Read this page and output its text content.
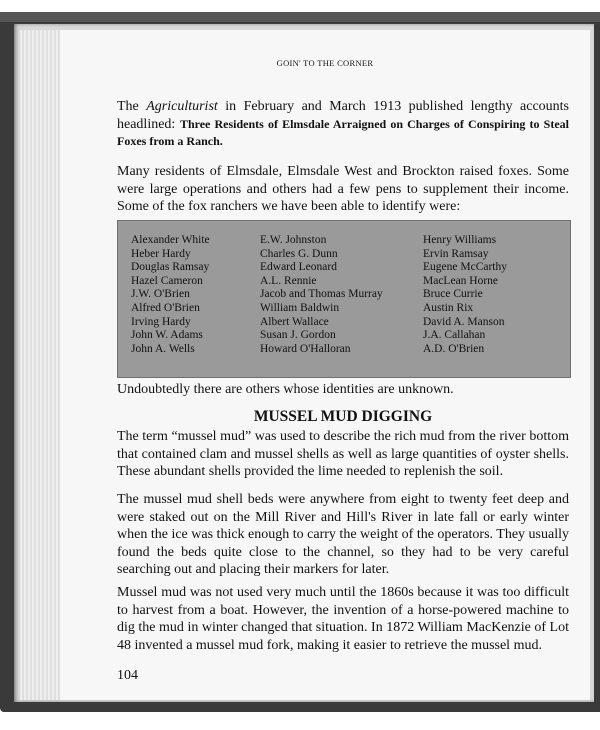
GOIN' TO THE CORNER
The Agriculturist in February and March 1913 published lengthy accounts headlined: Three Residents of Elmsdale Arraigned on Charges of Conspiring to Steal Foxes from a Ranch.
Many residents of Elmsdale, Elmsdale West and Brockton raised foxes. Some were large operations and others had a few pens to supplement their income. Some of the fox ranchers we have been able to identify were:
Alexander White
Heber Hardy
Douglas Ramsay
Hazel Cameron
J.W. O'Brien
Alfred O'Brien
Irving Hardy
John W. Adams
John A. Wells
E.W. Johnston
Charles G. Dunn
Edward Leonard
A.L. Rennie
Jacob and Thomas Murray
William Baldwin
Albert Wallace
Susan J. Gordon
Howard O'Halloran
Henry Williams
Ervin Ramsay
Eugene McCarthy
MacLean Horne
Bruce Currie
Austin Rix
David A. Manson
J.A. Callahan
A.D. O'Brien
Undoubtedly there are others whose identities are unknown.
MUSSEL MUD DIGGING
The term “mussel mud” was used to describe the rich mud from the river bottom that contained clam and mussel shells as well as large quantities of oyster shells. These abundant shells provided the lime needed to replenish the soil.
The mussel mud shell beds were anywhere from eight to twenty feet deep and were staked out on the Mill River and Hill's River in late fall or early winter when the ice was thick enough to carry the weight of the operators. They usually found the beds quite close to the channel, so they had to be very careful searching out and placing their markers for later.
Mussel mud was not used very much until the 1860s because it was too difficult to harvest from a boat. However, the invention of a horse-powered machine to dig the mud in winter changed that situation. In 1872 William MacKenzie of Lot 48 invented a mussel mud fork, making it easier to retrieve the mussel mud.
104
